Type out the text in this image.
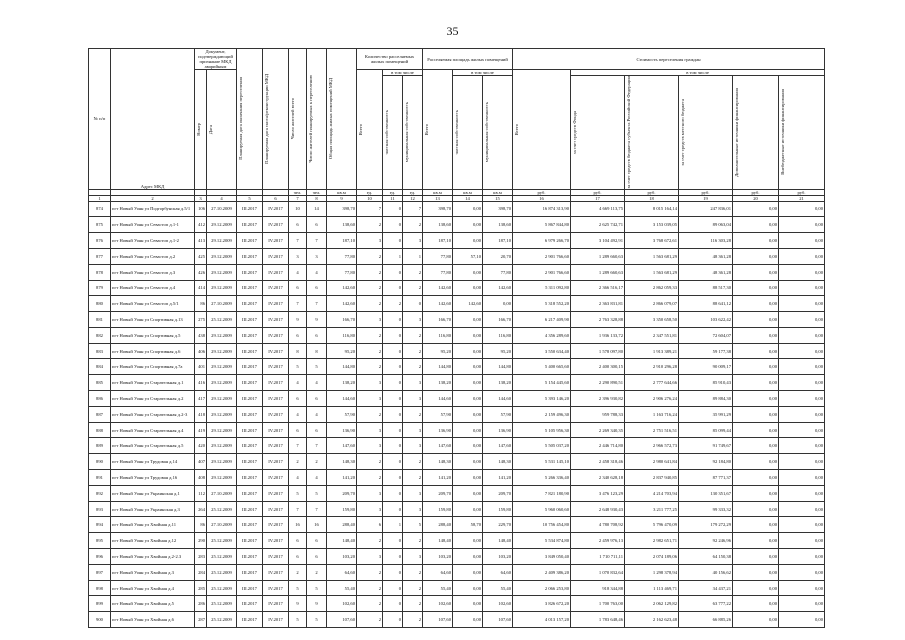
35
№ п/п	Адрес МКД	Документ, подтверждающий признание МКД аварийным		Планируемая дата окончания переселения	Планируемая дата сноса/реконструкции МКД	Число жителей всего	Число жителей планируемых к переселению	Общая площадь жилых помещений МКД	Количество расселяемых жилых помещений			Расселяемая площадь жилых помещений			Стоимость переселения граждан					

		Номер	Дата						Всего	в том числе		Всего	в том числе		Всего	в том числе				

										частная собственность	муниципальная собственность		частная собственность	муниципальная собственность		за счет средств Фонда	за счет средств бюджета субъекта Российской Федерации	за счет средств местного бюджета	Дополнительные источники финансирования	Внебюджетные источники финансирования

						чел.	чел.	кв.м	ед.	ед.	ед.	кв.м	кв.м	кв.м	руб.	руб.	руб.	руб.	руб.	руб.
1	2	3	4	5	6	7	8	9	10	11	12	13	14	15	16	17	18	19	20	21
874	пгт Новый Уоян ул Подгорбунская д.5/1	106	27.10.2009	III.2017	IV.2017	10	14	398,70	7	0	7	398,70	0,00	398,70	16 874 313,90	4 669 113,75	8 015 164,14	247 836,01	0,00	0,00
875	пгт Новый Уоян ул Севастоп д.1-1	412	29.12.2009	III.2017	IV.2017	6	6	138,60	2	0	2	138,60	0,00	138,60	5 867 844,80	2 625 742,71	3 153 039,05	89 063,04	0,00	0,00
876	пгт Новый Уоян ул Севастоп д.1-2	413	29.12.2009	III.2017	IV.2017	7	7	187,10	3	0	3	187,10	0,00	187,10	6 979 266,70	3 104 492,91	3 768 672,61	116 303,28	0,00	0,00
877	пгт Новый Уоян ул Севастоп д.2	425	29.12.2009	III.2017	IV.2017	3	3	77,80	2	1	1	77,80	57,10	20,70	2 901 766,60	1 289 660,63	1 563 681,29	48 361,28	0,00	0,00
878	пгт Новый Уоян ул Севастоп д.3	426	29.12.2009	III.2017	IV.2017	4	4	77,80	2	0	2	77,80	0,00	77,80	2 901 766,60	1 289 660,63	1 563 681,29	48 361,28	0,00	0,00
879	пгт Новый Уоян ул Севастоп д.4	414	29.12.2009	III.2017	IV.2017	6	6	142,60	2	0	2	142,60	0,00	142,60	5 311 092,80	2 366 516,17	2 862 059,33	88 517,30	0,00	0,00
880	пгт Новый Уоян ул Севастоп д.5/1	86	27.10.2009	III.2017	IV.2017	7	7	142,60	2	2	0	142,60	142,60	0,00	5 318 552,20	2 363 831,81	2 866 079,07	88 641,12	0,00	0,00
881	пгт Новый Уоян ул Спортивная д.13	275	25.12.2009	III.2017	IV.2017	9	9	166,70	3	0	3	166,70	0,00	166,70	6 217 409,90	2 763 328,88	3 350 658,50	103 622,42	0,00	0,00
882	пгт Новый Уоян ул Спортивная д.5	438	29.12.2009	III.2017	IV.2017	6	6	116,80	2	0	2	116,80	0,00	116,80	4 356 289,60	1 936 133,72	2 347 551,81	72 604,07	0,00	0,00
883	пгт Новый Уоян ул Спортивная д.6	406	29.12.2009	III.2017	IV.2017	8	8	95,20	2	0	2	95,20	0,00	95,20	3 550 634,40	1 578 097,80	1 913 389,21	59 177,38	0,00	0,00
884	пгт Новый Уоян ул Спортивная д.7а	401	29.12.2009	III.2017	IV.2017	5	5	144,80	2	0	2	144,80	0,00	144,80	5 400 665,60	2 400 300,15	2 910 296,28	90 009,17	0,00	0,00
885	пгт Новый Уоян ул Старательная д.1	416	29.12.2009	III.2017	IV.2017	4	4	138,20	3	0	3	138,20	0,00	138,20	5 154 445,60	2 290 890,51	2 777 644,66	85 910,43	0,00	0,00
886	пгт Новый Уоян ул Старательная д.2	417	29.12.2009	III.2017	IV.2017	6	6	144,60	3	0	3	144,60	0,00	144,60	5 393 146,20	2 396 930,82	2 906 276,24	89 884,30	0,00	0,00
887	пгт Новый Уоян ул Старательная д.2-3	418	29.12.2009	III.2017	IV.2017	4	4	57,90	2	0	2	57,90	0,00	57,90	2 159 496,30	959 788,33	1 163 716,24	35 991,29	0,00	0,00
888	пгт Новый Уоян ул Старательная д.4	419	29.12.2009	III.2017	IV.2017	6	6	136,90	3	0	3	136,90	0,00	136,90	5 105 956,30	2 269 340,35	2 751 516,51	85 099,44	0,00	0,00
889	пгт Новый Уоян ул Старательная д.5	420	29.12.2009	III.2017	IV.2017	7	7	147,60	3	0	3	147,60	0,00	147,60	5 505 037,20	2 446 714,80	2 966 572,73	91 749,67	0,00	0,00
890	пгт Новый Уоян ул Трудовая д.14	407	29.12.2009	III.2017	IV.2017	2	2	148,30	2	0	2	148,30	0,00	148,30	5 531 145,10	2 458 318,46	2 980 641,84	92 184,80	0,00	0,00
891	пгт Новый Уоян ул Трудовая д.16	408	29.12.2009	III.2017	IV.2017	4	4	141,20	2	0	2	141,20	0,00	141,20	5 266 336,40	2 340 628,18	2 837 940,85	87 771,37	0,00	0,00
892	пгт Новый Уоян ул Украинская д.1	112	27.10.2009	III.2017	IV.2017	5	5	209,70	3	0	3	209,70	0,00	209,70	7 821 180,90	3 476 123,29	4 214 703,94	130 351,67	0,00	0,00
893	пгт Новый Уоян ул Украинская д.3	264	25.12.2009	III.2017	IV.2017	7	7	159,80	3	0	3	159,80	0,00	159,80	5 960 060,60	2 648 930,43	3 211 777,25	99 333,32	0,00	0,00
894	пгт Новый Уоян ул Хвойная д.11	86	27.10.2009	III.2017	IV.2017	16	16	288,40	6	1	5	288,40	58,70	229,70	10 756 454,80	4 780 708,92	5 796 470,09	179 272,29	0,00	0,00
895	пгт Новый Уоян ул Хвойная д.12	290	25.12.2009	III.2017	IV.2017	6	6	148,40	2	0	2	148,40	0,00	148,40	5 534 874,80	2 459 976,13	2 982 651,71	92 246,96	0,00	0,00
896	пгт Новый Уоян ул Хвойная д.2-2.3	283	25.12.2009	III.2017	IV.2017	6	6	103,20	3	0	3	103,20	0,00	103,20	3 849 050,40	1 710 711,11	2 074 189,06	64 150,38	0,00	0,00
897	пгт Новый Уоян ул Хвойная д.3	284	25.12.2009	III.2017	IV.2017	2	2	64,60	2	0	2	64,60	0,00	64,60	2 409 386,20	1 070 832,64	1 298 378,94	40 156,62	0,00	0,00
898	пгт Новый Уоян ул Хвойная д.4	285	25.12.2009	III.2017	IV.2017	5	5	55,40	2	0	2	55,40	0,00	55,40	2 066 253,80	918 344,88	1 113 469,71	34 437,21	0,00	0,00
899	пгт Новый Уоян ул Хвойная д.5	286	25.12.2009	III.2017	IV.2017	9	9	102,60	2	0	2	102,60	0,00	102,60	3 826 672,20	1 700 763,00	2 062 129,82	63 777,22	0,00	0,00
900	пгт Новый Уоян ул Хвойная д.6	287	25.12.2009	III.2017	IV.2017	5	5	107,60	2	0	2	107,60	0,00	107,60	4 013 157,20	1 783 648,46	2 162 623,48	66 885,26	0,00	0,00
